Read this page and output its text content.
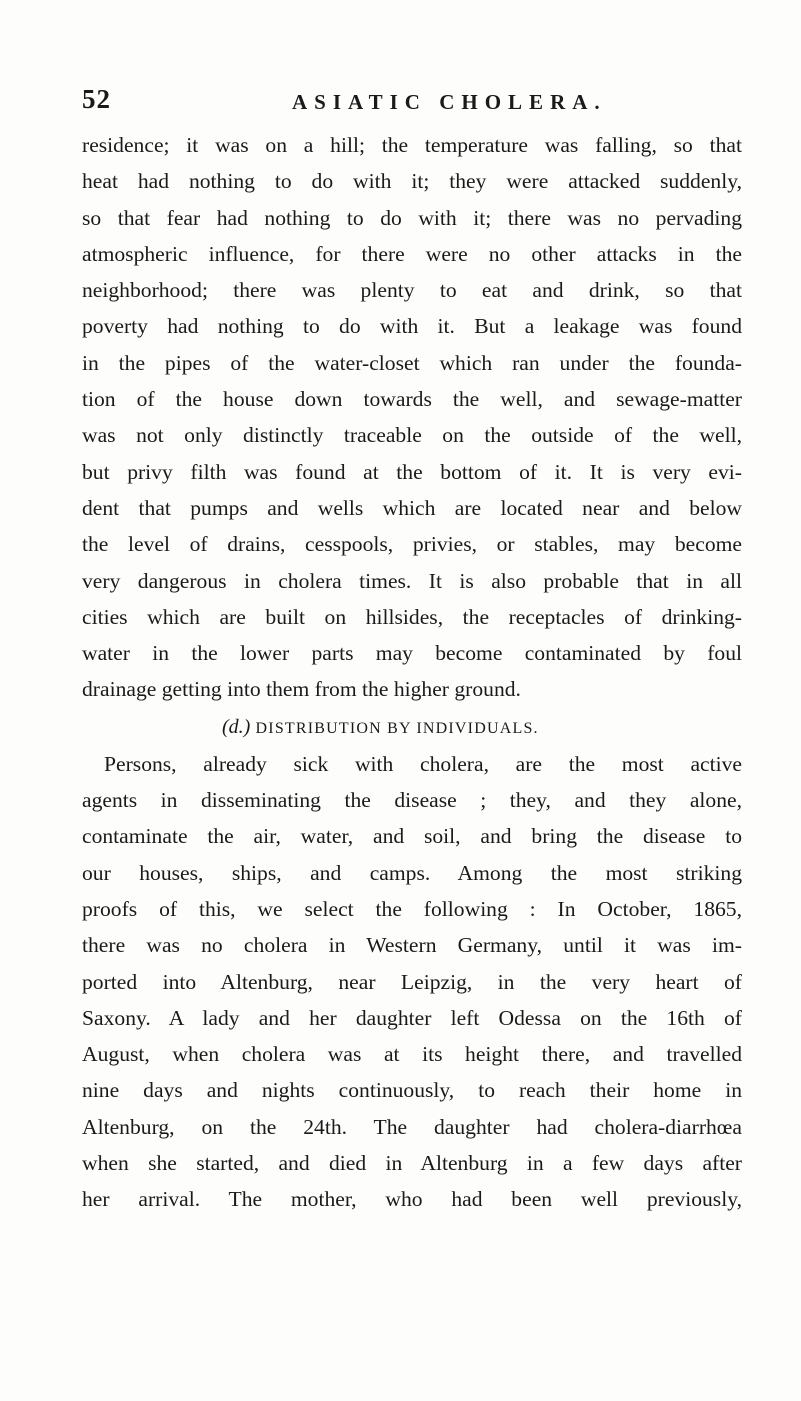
52	ASIATIC CHOLERA.
residence; it was on a hill; the temperature was falling, so that
heat had nothing to do with it; they were attacked suddenly,
so that fear had nothing to do with it; there was no pervading
atmospheric influence, for there were no other attacks in the
neighborhood; there was plenty to eat and drink, so that
poverty had nothing to do with it. But a leakage was found
in the pipes of the water-closet which ran under the founda-
tion of the house down towards the well, and sewage-matter
was not only distinctly traceable on the outside of the well,
but privy filth was found at the bottom of it. It is very evi-
dent that pumps and wells which are located near and below
the level of drains, cesspools, privies, or stables, may become
very dangerous in cholera times. It is also probable that in all
cities which are built on hillsides, the receptacles of drinking-
water in the lower parts may become contaminated by foul
drainage getting into them from the higher ground.
(d.) DISTRIBUTION BY INDIVIDUALS.
Persons, already sick with cholera, are the most active
agents in disseminating the disease ; they, and they alone,
contaminate the air, water, and soil, and bring the disease to
our houses, ships, and camps. Among the most striking
proofs of this, we select the following : In October, 1865,
there was no cholera in Western Germany, until it was im-
ported into Altenburg, near Leipzig, in the very heart of
Saxony. A lady and her daughter left Odessa on the 16th of
August, when cholera was at its height there, and travelled
nine days and nights continuously, to reach their home in
Altenburg, on the 24th. The daughter had cholera-diarrhœa
when she started, and died in Altenburg in a few days after
her arrival. The mother, who had been well previously,
